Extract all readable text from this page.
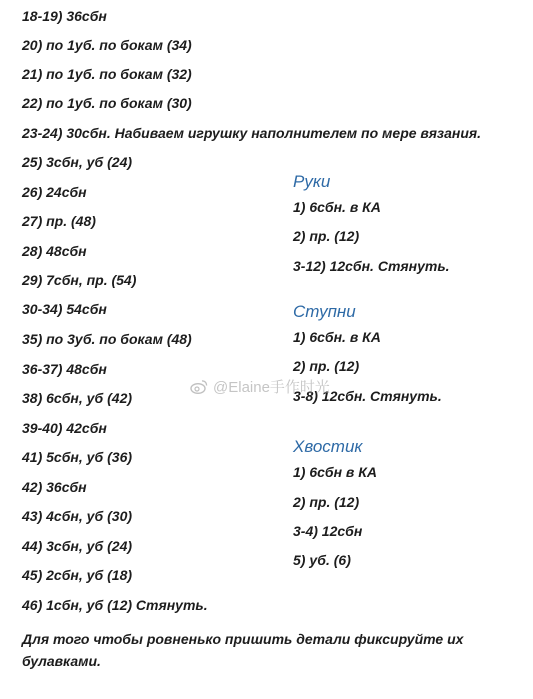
18-19) 36сбн
20) по 1уб. по бокам (34)
21) по 1уб. по бокам (32)
22) по 1уб. по бокам (30)
23-24) 30сбн. Набиваем игрушку наполнителем по мере вязания.
25) 3сбн, уб (24)
26) 24сбн
27) пр. (48)
28) 48сбн
29) 7сбн, пр. (54)
30-34) 54сбн
35) по 3уб. по бокам (48)
36-37) 48сбн
38) 6сбн, уб (42)
39-40) 42сбн
41) 5сбн, уб (36)
42) 36сбн
43) 4сбн, уб (30)
44) 3сбн, уб (24)
45) 2сбн, уб (18)
46) 1сбн, уб (12) Стянуть.
Руки
1) 6сбн. в КА
2) пр. (12)
3-12) 12сбн. Стянуть.
Ступни
1) 6сбн. в КА
2) пр. (12)
3-8) 12сбн. Стянуть.
Хвостик
1) 6сбн в КА
2) пр. (12)
3-4) 12сбн
5) уб. (6)
@Elaine手作时光
Для того чтобы ровненько пришить детали фиксируйте их булавками.
